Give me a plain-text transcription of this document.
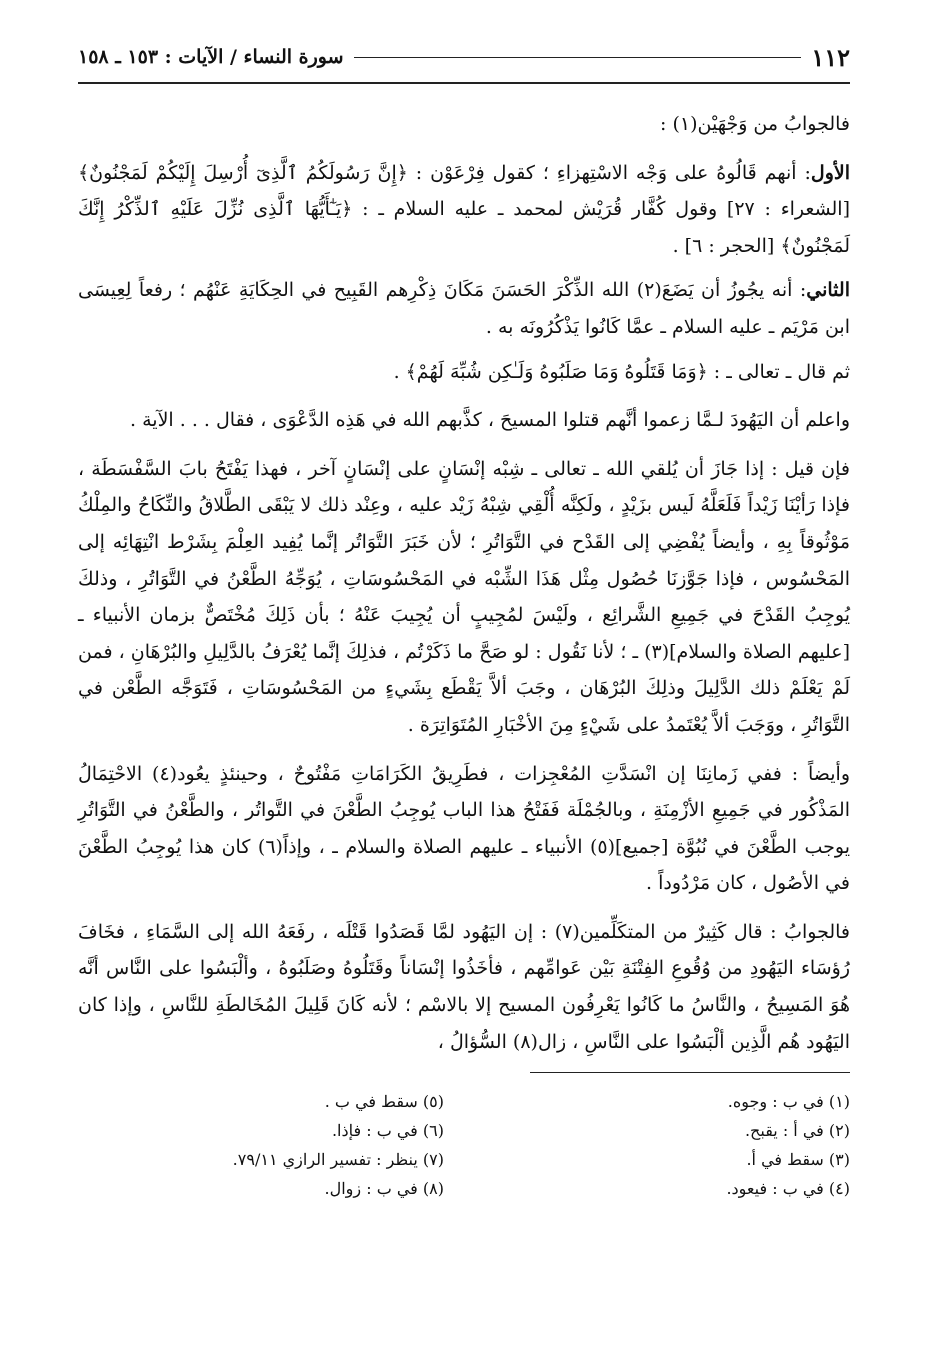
١١٢
سورة النساء / الآيات : ١٥٣ ـ ١٥٨

فالجوابُ من وَجْهَيْن(١) :

الأول: أنهم قَالُوهُ على وَجْه الاسْتِهزاءِ ؛ كقول فِرْعَوْن : ﴿إِنَّ رَسُولَكُمُ ٱلَّذِىٓ أُرْسِلَ إِلَيْكُمْ لَمَجْنُونٌ﴾ [الشعراء : ٢٧] وقول كُفَّار قُرَيْش لمحمد ـ عليه السلام ـ : ﴿يَـٰٓأَيُّهَا ٱلَّذِى نُزِّلَ عَلَيْهِ ٱلذِّكْرُ إِنَّكَ لَمَجْنُونٌ﴾ [الحجر : ٦] .

الثاني: أنه يجُوزُ أن يَضَعَ(٢) الله الذِّكْرَ الحَسَنَ مَكَانَ ذِكْرِهم القَبِيح في الحِكَايَةِ عَنْهُم ؛ رفعاً لِعِيسَى ابن مَرْيَم ـ عليه السلام ـ عمَّا كَانُوا يَذْكُرُونَه به .

ثم قال ـ تعالى ـ : ﴿وَمَا قَتَلُوهُ وَمَا صَلَبُوهُ وَلَـٰكِن شُبِّهَ لَهُمْ﴾ .

واعلم أن اليَهُودَ لـمَّا زعموا أنَّهم قتلوا المسيحَ ، كذَّبهم الله في هَذِه الدَّعْوَى ، فقال . . . الآية .

فإن قيل : إذا جَازَ أن يُلقي الله ـ تعالى ـ شِبْه إنْسَانٍ على إنْسَانٍ آخر ، فهذا يَفْتَحُ بابَ السَّفْسَطَة ، فإذا رَأيْنَا زَيْداً فَلَعَلَّهُ لَيس بزَيْدٍ ، ولَكِنَّه أُلْقِي شِبْهُ زَيْد عليه ، وعِنْد ذلك لا يَبْقَى الطَّلاقُ والنِّكَاحُ والمِلْكُ مَوْثُوقاً بِهِ ، وأيضاً يُفْضِي إلى القَدْح في التَّوَاتُرِ ؛ لأن خَبَرَ التَّوَاتُر إنَّما يُفِيد العِلْمَ بِشَرْط انْتِهَائِه إلى المَحْسُوس ، فإذا جَوَّزنَا حُصُول مِثْل هَذَا الشِّبْه في المَحْسُوسَاتِ ، يُوَجِّهُ الطَّعْنُ في التَّوَاتُرِ ، وذلكَ يُوجِبُ القَدْحَ في جَمِيعِ الشَّرائِع ، ولَيْسَ لمُجِيبٍ أن يُجِيبَ عَنْهُ ؛ بأن ذَلِكَ مُخْتَصٌّ بزمان الأنبياء ـ [عليهم الصلاة والسلام](٣) ـ ؛ لأنا نَقُول : لو صَحَّ ما ذَكَرْتُم ، فذلِكَ إنَّما يُعْرَفُ بالدَّلِيلِ والبُرْهَانِ ، فمن لَمْ يَعْلَمْ ذلك الدَّلِيلَ وذلِكَ البُرْهَان ، وجَبَ ألاَّ يَقْطَع بِشَيءٍ من المَحْسُوسَاتِ ، فَتَوَجَّه الطَّعْن في التَّوَاتُرِ ، ووَجَبَ ألاَّ يُعْتَمدُ على شَيْءٍ مِنَ الأخْبَارِ المُتَوَاتِرَة .

وأيضاً : ففي زَمانِنَا إن انْسَدَّتِ المُعْجِزات ، فطَرِيقُ الكَرَامَاتِ مَفْتُوحٌ ، وحينئذٍ يعُود(٤) الاحْتِمَالُ المَذْكُور في جَمِيعِ الأزْمِنَةِ ، وبالجُمْلَة فَفَتْحُ هذا الباب يُوجِبُ الطَّعْنَ في التَّواتُر ، والطَّعْنُ في التَّوَاتُرِ يوجب الطَّعْنَ في نُبُوَّة [جميع](٥) الأنبياء ـ عليهم الصلاة والسلام ـ ، وإذاً(٦) كان هذا يُوجِبُ الطَّعْنَ في الأصُول ، كان مَرْدُوداً .

فالجوابُ : قال كَثِيرٌ من المتكَلِّمين(٧) : إن اليَهُود لمَّا قَصَدُوا قَتْلَه ، رفَعَهُ الله إلى السَّمَاءِ ، فخَافَ رُؤسَاء اليَهُودِ من وُقُوعِ الفِتْنَةِ بَيْن عَوامِّهم ، فأخَذُوا إنْسَاناً وقَتَلُوهُ وصَلَبُوهُ ، وألْبَسُوا على النَّاس أنَّه هُوَ المَسِيحُ ، والنَّاسُ ما كَانُوا يَعْرِفُون المسيح إلا بالاسْم ؛ لأنه كَانَ قَلِيلَ المُخَالطَةِ للنَّاسِ ، وإذا كان اليَهُود هُم الَّذِين ألْبَسُوا على النَّاسِ ، زال(٨) السُّؤالُ ،

(١) في ب : وجوه.
(٥) سقط في ب .
(٢) في أ : يقبح.
(٦) في ب : فإذا.
(٣) سقط في أ.
(٧) ينظر : تفسير الرازي ٧٩/١١.
(٤) في ب : فيعود.
(٨) في ب : زوال.
